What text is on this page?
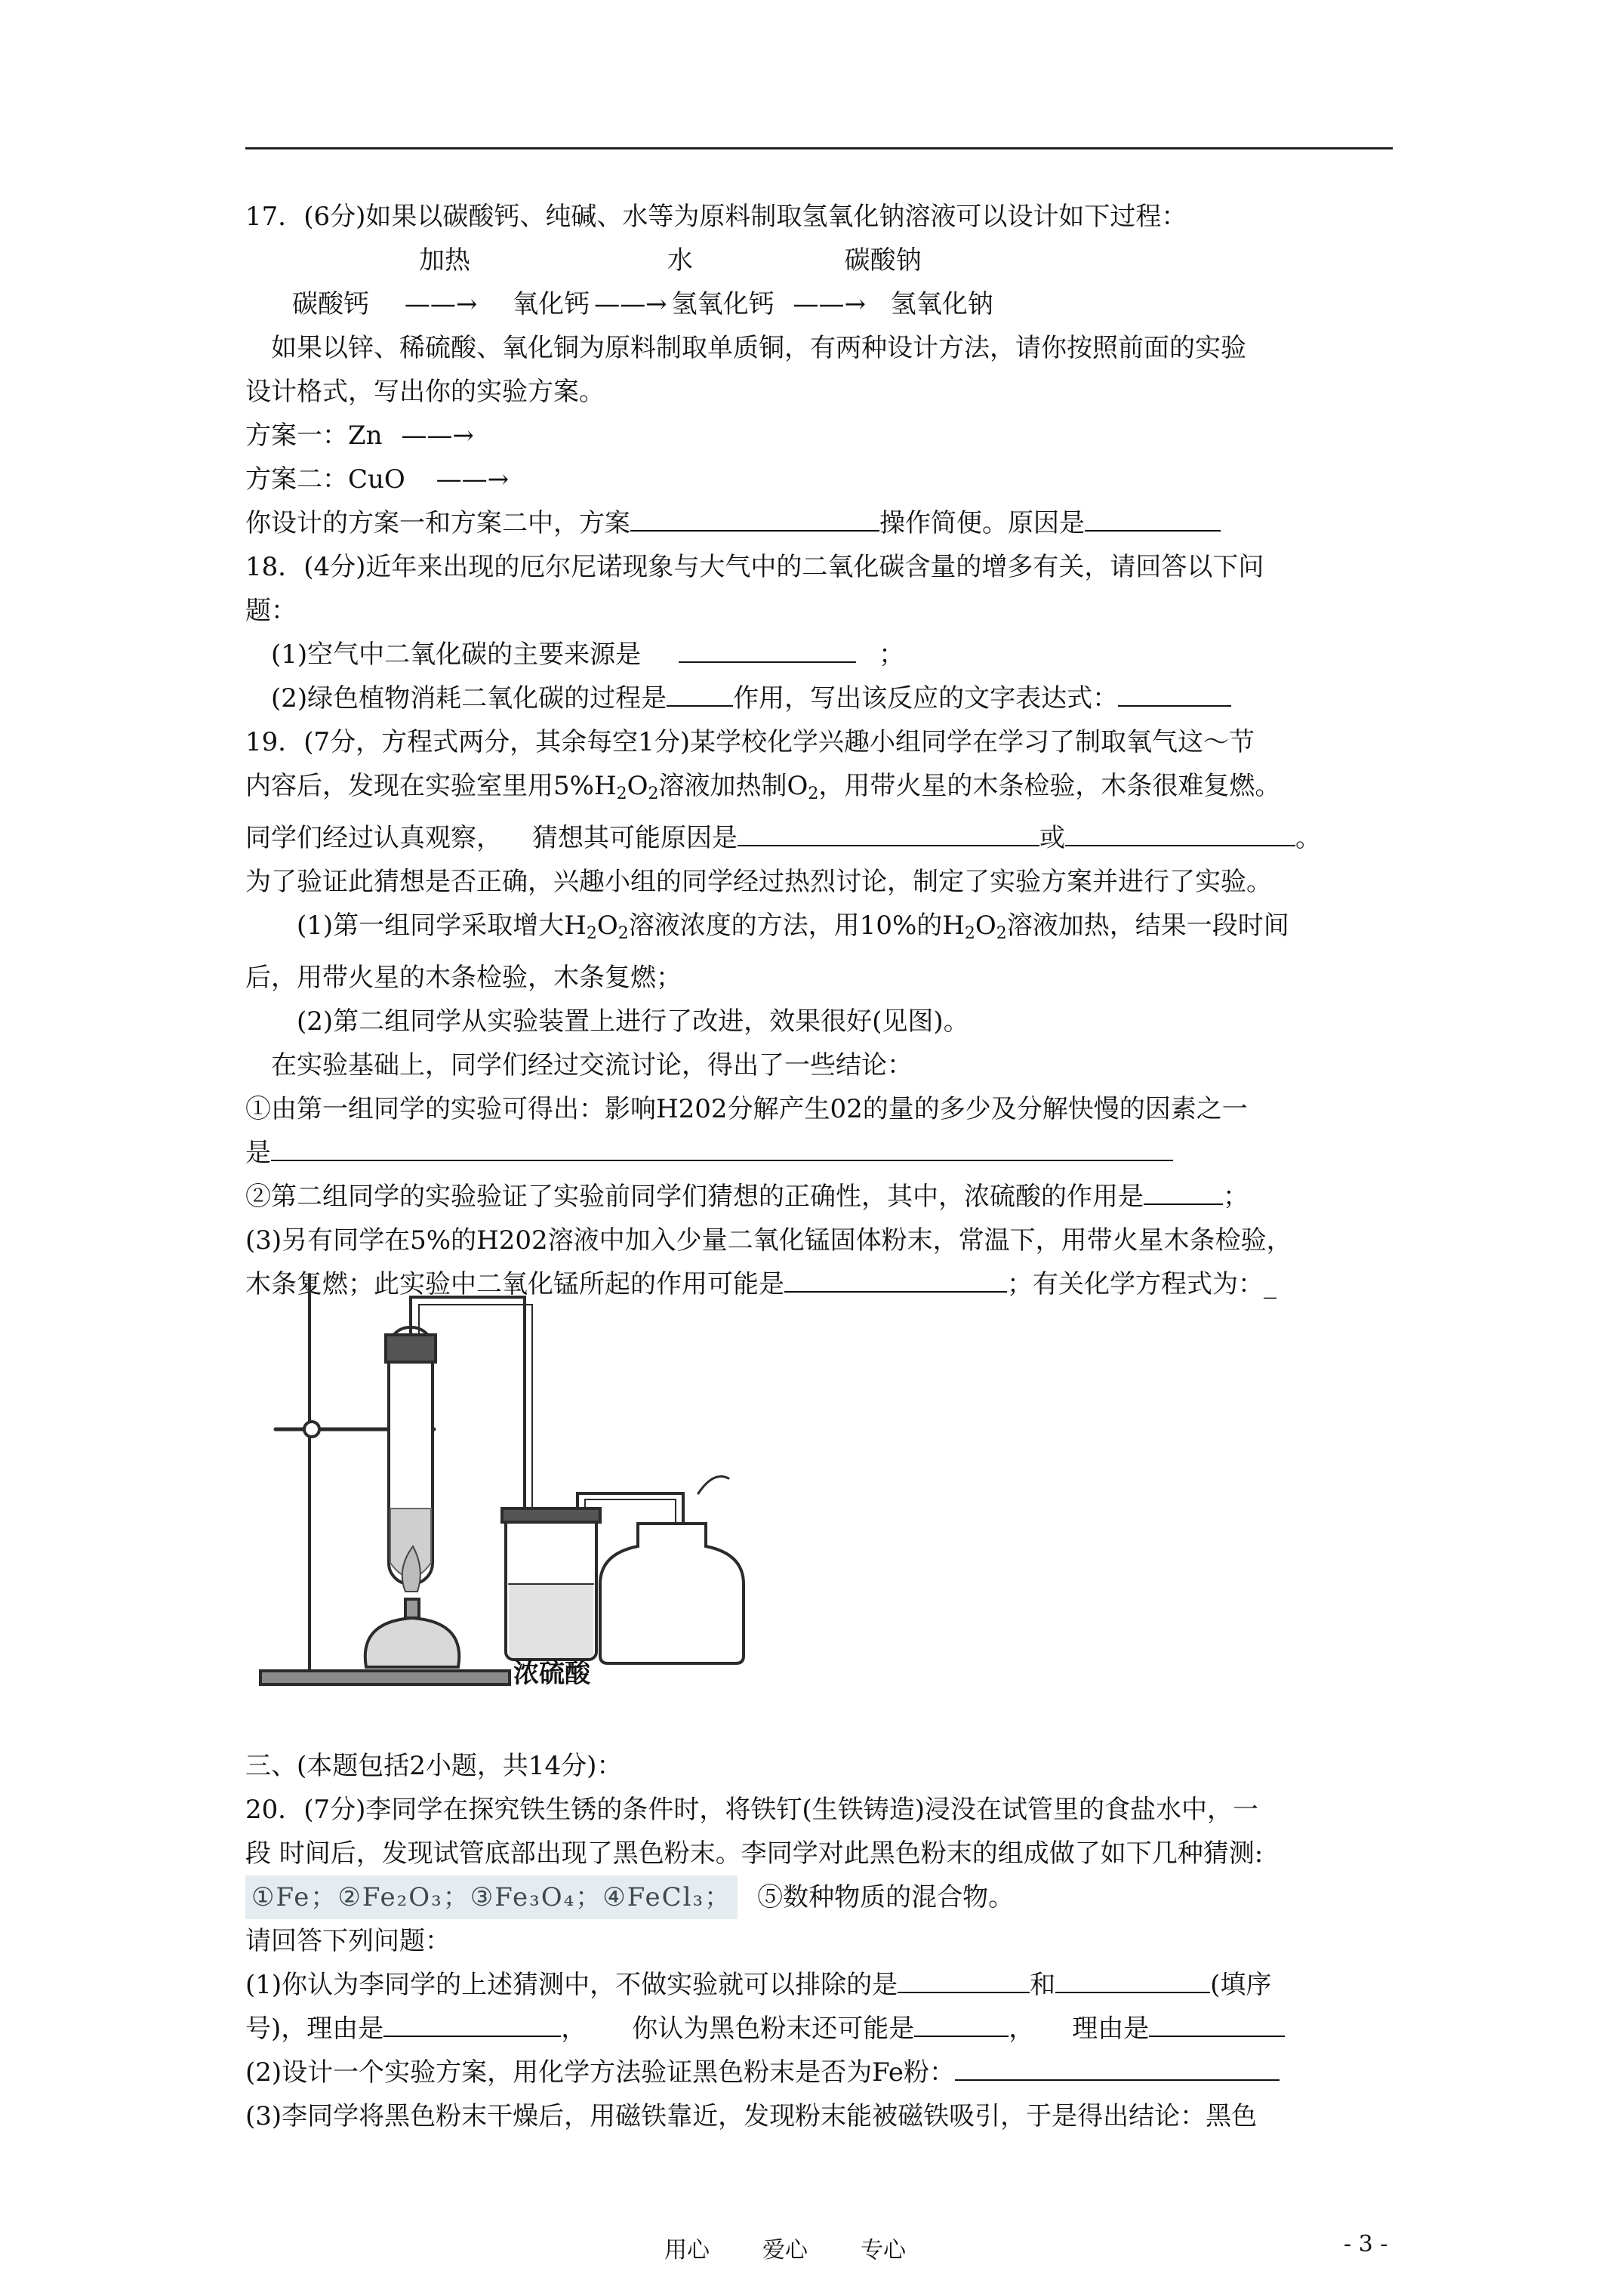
17．(6分)如果以碳酸钙、纯碱、水等为原料制取氢氧化钠溶液可以设计如下过程：
加热	水	碳酸钠
碳酸钙 ——→ 氧化钙 ——→ 氢氧化钙 ——→ 氢氧化钠
如果以锌、稀硫酸、氧化铜为原料制取单质铜，有两种设计方法，请你按照前面的实验
设计格式，写出你的实验方案。
方案一：Zn ——→
方案二：CuO ——→
你设计的方案一和方案二中，方案	操作简便。原因是
18．(4分)近年来出现的厄尔尼诺现象与大气中的二氧化碳含量的增多有关，请回答以下问
题：
(1)空气中二氧化碳的主要来源是	；
(2)绿色植物消耗二氧化碳的过程是	作用，写出该反应的文字表达式：
19．(7分，方程式两分，其余每空1分)某学校化学兴趣小组同学在学习了制取氧气这～节
内容后，发现在实验室里用$5\%H_2O_2$溶液加热制$O_2$，用带火星的木条检验，木条很难复燃。
同学们经过认真观察， 猜想其可能原因是	或	。
为了验证此猜想是否正确，兴趣小组的同学经过热烈讨论，制定了实验方案并进行了实验。
(1)第一组同学采取增大$H_2O_2$溶液浓度的方法，用10%的$H_2O_2$溶液加热，结果一段时间
后，用带火星的木条检验，木条复燃；
(2)第二组同学从实验装置上进行了改进，效果很好(见图)。
在实验基础上，同学们经过交流讨论，得出了一些结论：
①由第一组同学的实验可得出：影响H202分解产生02的量的多少及分解快慢的因素之一
是
②第二组同学的实验验证了实验前同学们猜想的正确性，其中，浓硫酸的作用是	；
(3)另有同学在5%的H202溶液中加入少量二氧化锰固体粉末，常温下，用带火星木条检验，
木条复燃；此实验中二氧化锰所起的作用可能是	；有关化学方程式为：_
三、(本题包括2小题，共14分)：
20．(7分)李同学在探究铁生锈的条件时，将铁钉(生铁铸造)浸没在试管里的食盐水中，一
段 时间后，发现试管底部出现了黑色粉末。李同学对此黑色粉末的组成做了如下几种猜测:
①Fe；②Fe₂O₃；③Fe₃O₄；④FeCl₃； ⑤数种物质的混合物。
请回答下列问题：
(1)你认为李同学的上述猜测中，不做实验就可以排除的是	和	(填序
号)，理由是	， 你认为黑色粉末还可能是	， 理由是
(2)设计一个实验方案，用化学方法验证黑色粉末是否为Fe粉：
(3)李同学将黑色粉末干燥后，用磁铁靠近，发现粉末能被磁铁吸引，于是得出结论：黑色
浓硫酸
用心 爱心 专心	- 3 -
